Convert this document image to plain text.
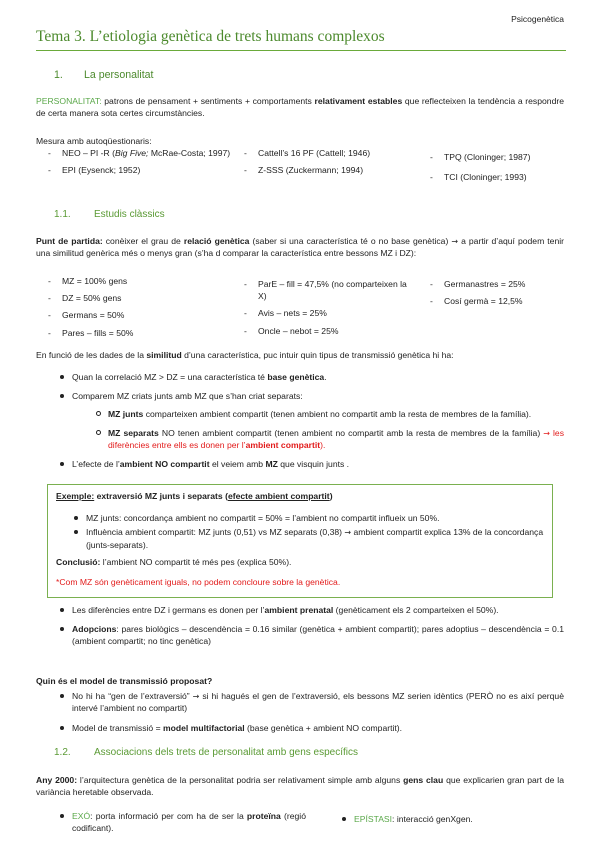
Psicogenètica
Tema 3. L’etiologia genètica de trets humans complexos
1. La personalitat
PERSONALITAT: patrons de pensament + sentiments + comportaments relativament estables que reflecteixen la tendència a respondre de certa manera sota certes circumstàncies.
Mesura amb autoqüestionaris:
- NEO – PI -R (Big Five; McRae-Costa; 1997)
- EPI (Eysenck; 1952)
- Cattell’s 16 PF (Cattell; 1946)
- Z-SSS (Zuckermann; 1994)
- TPQ (Cloninger; 1987)
- TCI (Cloninger; 1993)
1.1. Estudis clàssics
Punt de partida: conèixer el grau de relació genètica (saber si una característica té o no base genètica) → a partir d’aquí podem tenir una similitud genèrica més o menys gran (s’ha d comparar la característica entre bessons MZ i DZ):
- MZ = 100% gens
- DZ = 50% gens
- Germans = 50%
- Pares – fills = 50%
- ParE – fill = 47,5% (no comparteixen la X)
- Avis – nets = 25%
- Oncle – nebot = 25%
- Germanastres = 25%
- Cosí germà = 12,5%
En funció de les dades de la similitud d’una característica, puc intuir quin tipus de transmissió genètica hi ha:
Quan la correlació MZ > DZ = una característica té base genètica.
Comparem MZ criats junts amb MZ que s’han criat separats:
MZ junts comparteixen ambient compartit (tenen ambient no compartit amb la resta de membres de la família).
MZ separats NO tenen ambient compartit (tenen ambient no compartit amb la resta de membres de la família) → les diferències entre ells es donen per l’ambient compartit).
L’efecte de l’ambient NO compartit el veiem amb MZ que visquin junts .
Exemple: extraversió MZ junts i separats (efecte ambient compartit)
MZ junts: concordança ambient no compartit = 50% = l’ambient no compartit influeix un 50%.
Influència ambient compartit: MZ junts (0,51) vs MZ separats (0,38) → ambient compartit explica 13% de la concordança (junts-separats).
Conclusió: l’ambient NO compartit té més pes (explica 50%).
*Com MZ són genèticament iguals, no podem concloure sobre la genètica.
Les diferències entre DZ i germans es donen per l’ambient prenatal (genèticament els 2 comparteixen el 50%).
Adopcions: pares biològics – descendència = 0.16 similar (genètica + ambient compartit); pares adoptius – descendència = 0.1 (ambient compartit; no tinc genètica)
Quin és el model de transmissió proposat?
No hi ha “gen de l’extraversió” → si hi hagués el gen de l’extraversió, els bessons MZ serien idèntics (PERÒ no es així perquè intervé l’ambient no compartit)
Model de transmissió = model multifactorial (base genètica + ambient NO compartit).
1.2. Associacions dels trets de personalitat amb gens específics
Any 2000: l’arquitectura genètica de la personalitat podria ser relativament simple amb alguns gens clau que explicarien gran part de la variància heretable observada.
EXÓ: porta informació per com ha de ser la proteïna (regió codificant).
EPÍSTASI: interacció genXgen.
